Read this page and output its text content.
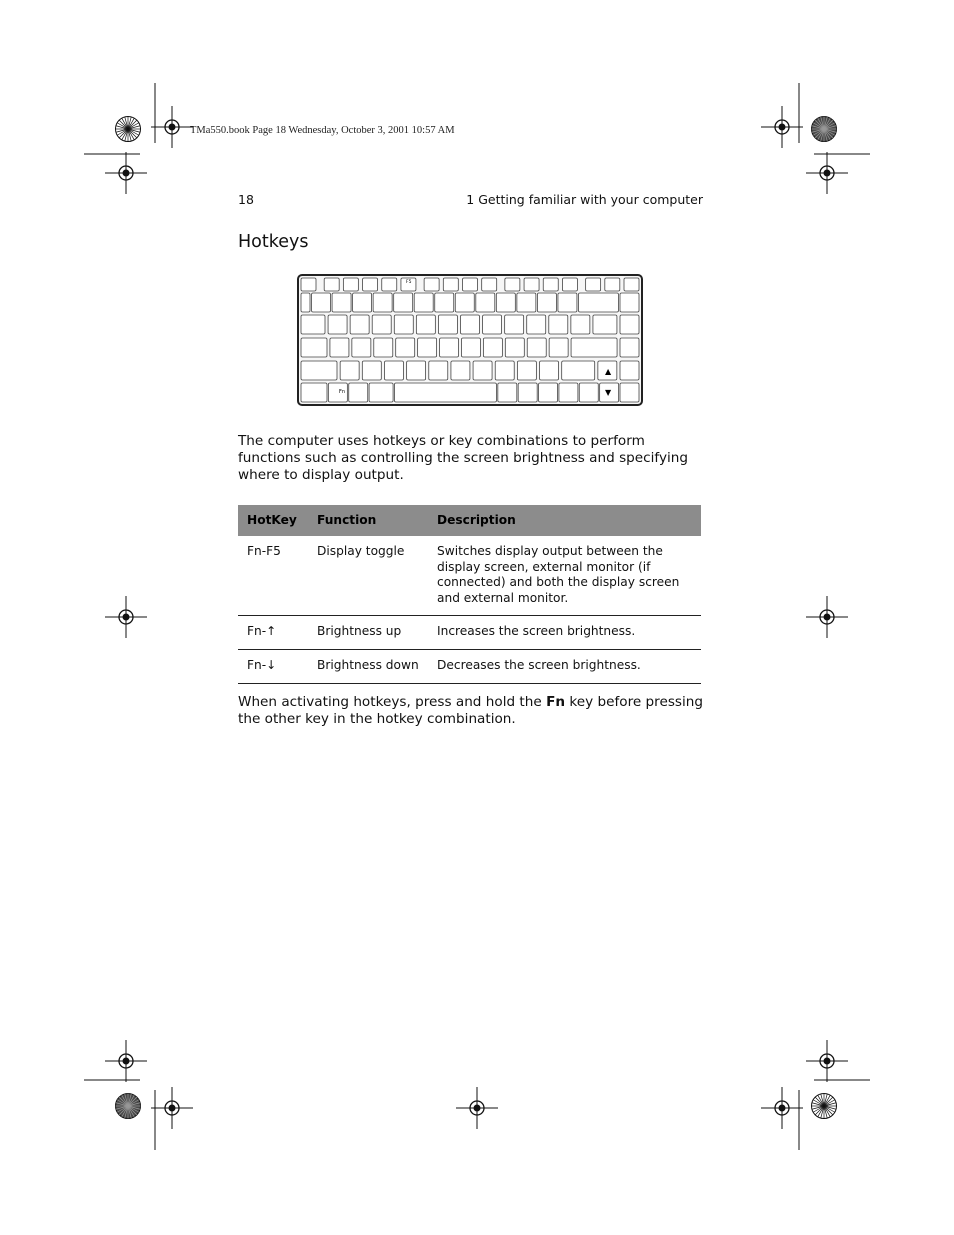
TMa550.book Page 18 Wednesday, October 3, 2001 10:57 AM
18	1 Getting familiar with your computer
Hotkeys
Fn
F5
▲
▼
The computer uses hotkeys or key combinations to perform functions such as controlling the screen brightness and specifying where to display output.
HotKey	Function	Description
Fn-F5	Display toggle	Switches display output between the display screen, external monitor (if connected) and both the display screen and external monitor.
Fn-↑	Brightness up	Increases the screen brightness.
Fn-↓	Brightness down	Decreases the screen brightness.
When activating hotkeys, press and hold the Fn key before pressing the other key in the hotkey combination.
